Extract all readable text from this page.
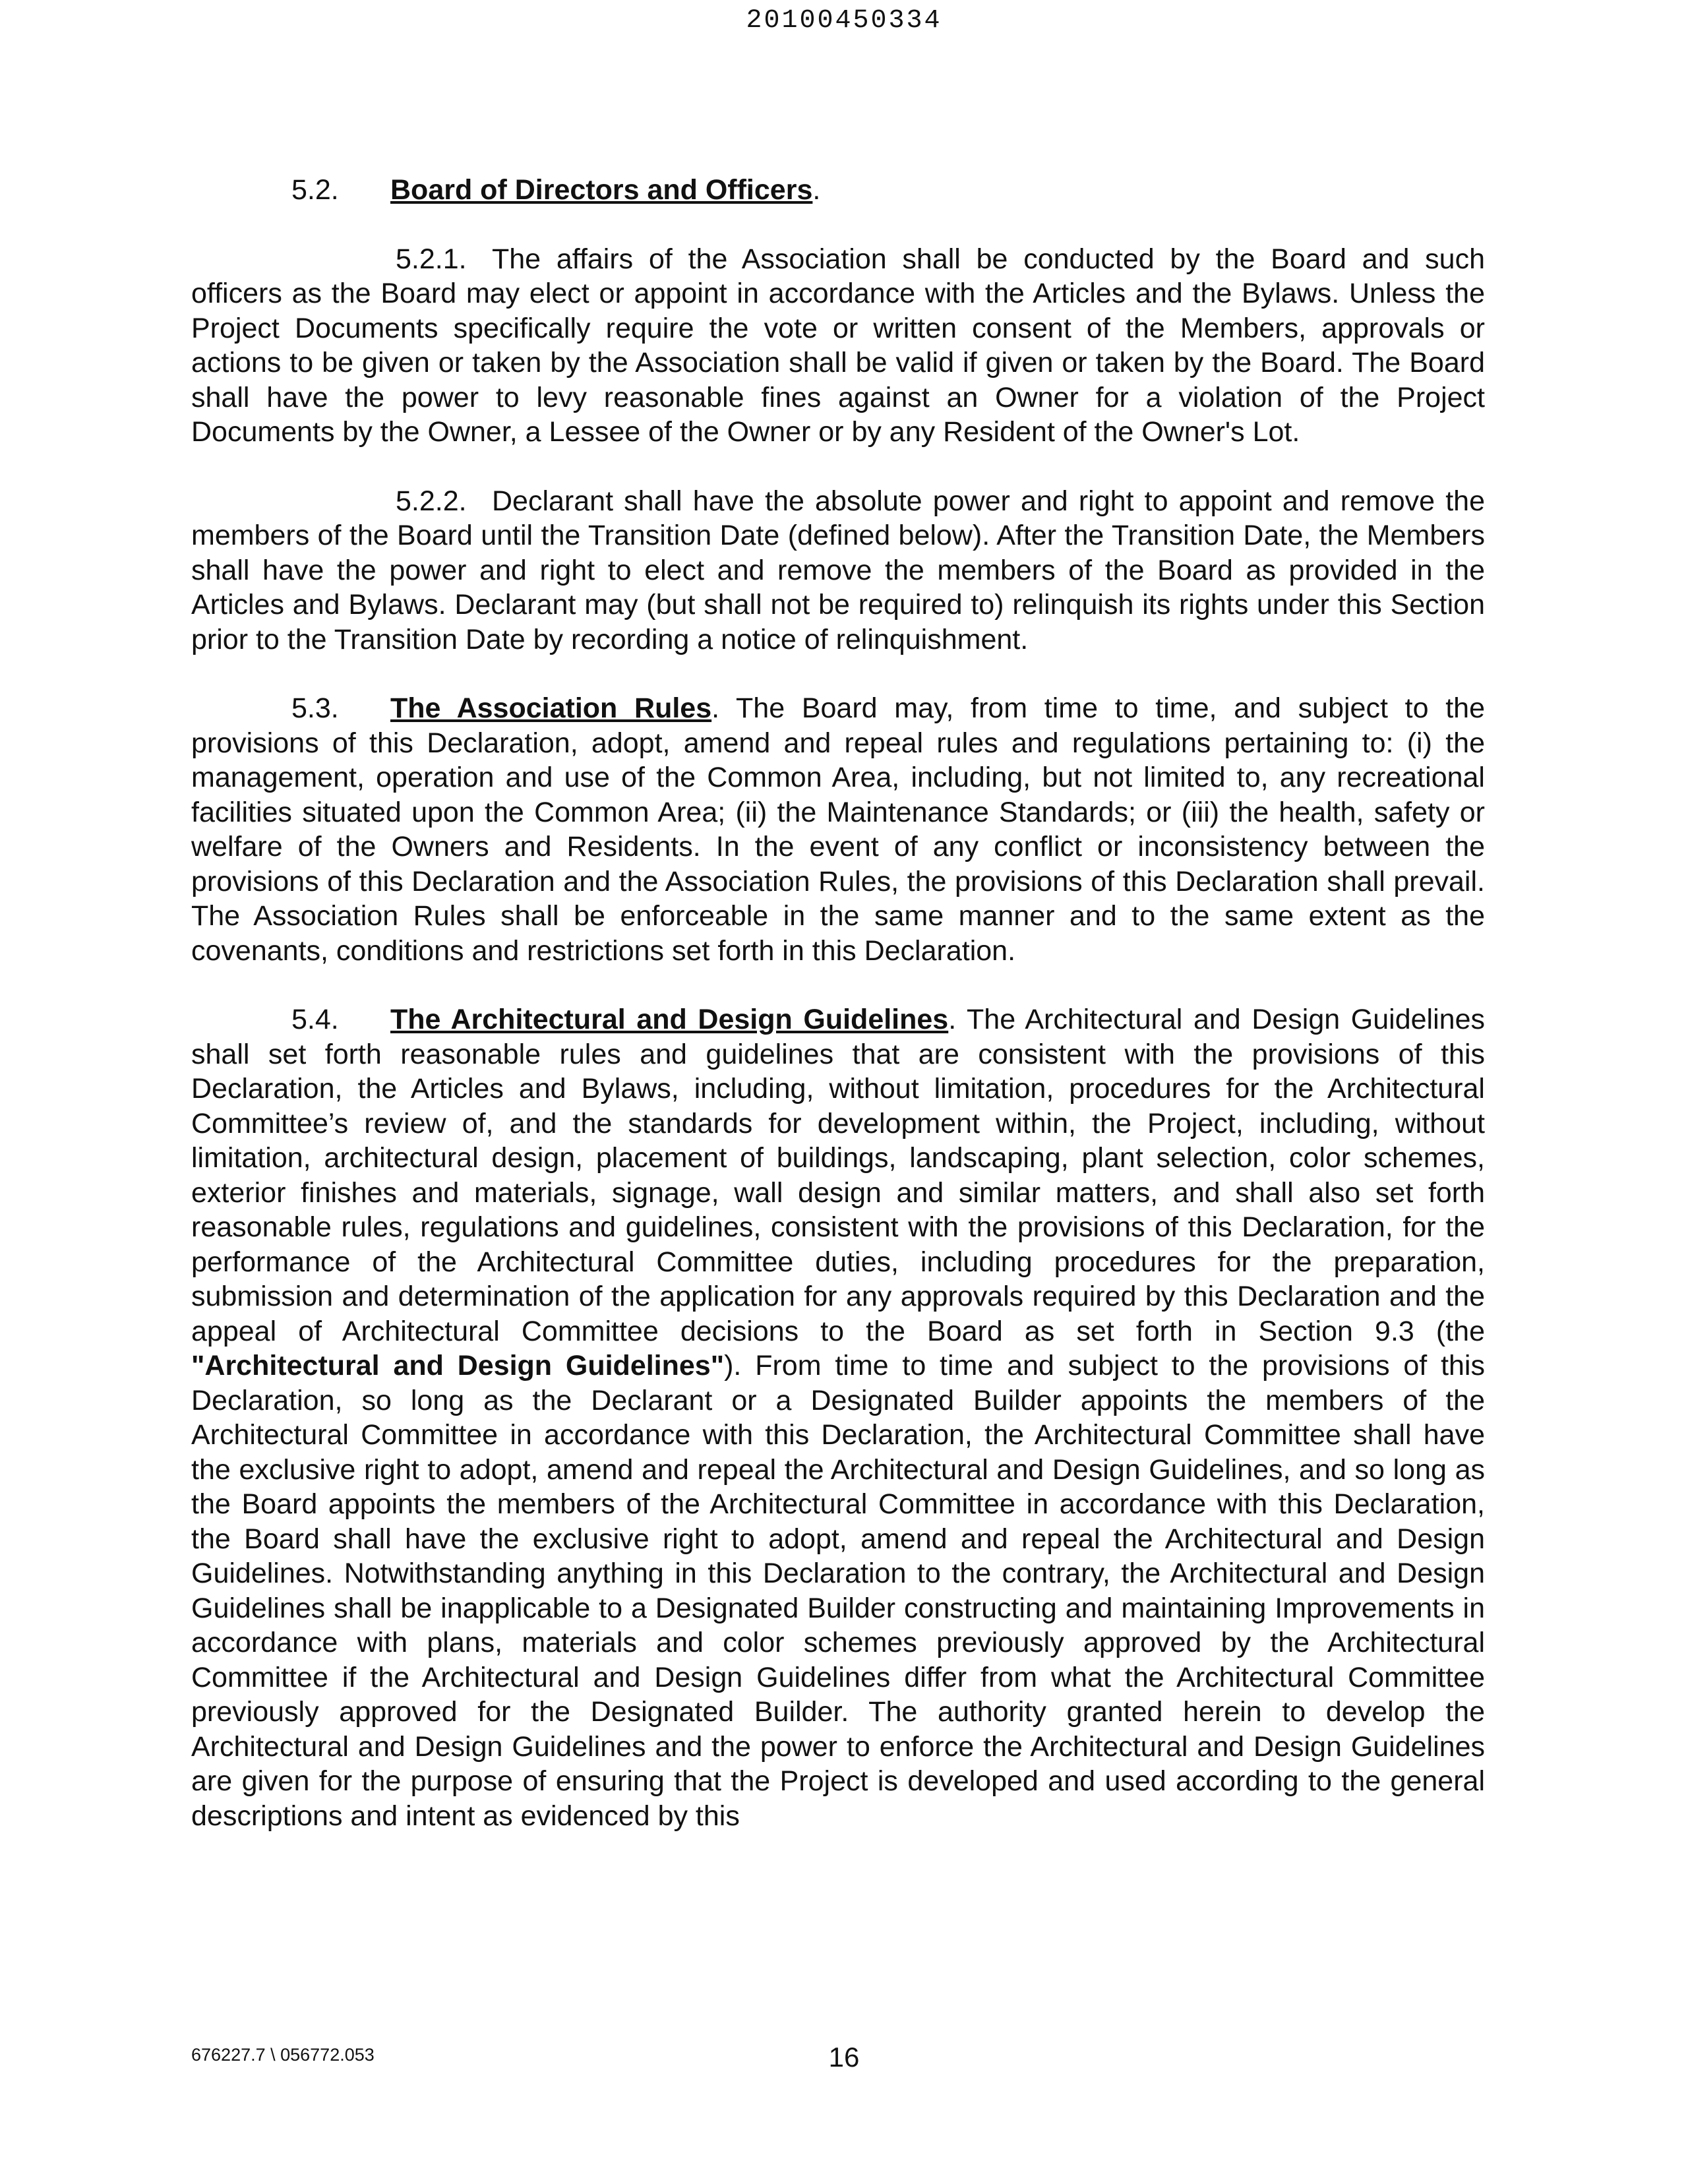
20100450334

5.2. Board of Directors and Officers.

5.2.1. The affairs of the Association shall be conducted by the Board and such officers as the Board may elect or appoint in accordance with the Articles and the Bylaws. Unless the Project Documents specifically require the vote or written consent of the Members, approvals or actions to be given or taken by the Association shall be valid if given or taken by the Board. The Board shall have the power to levy reasonable fines against an Owner for a violation of the Project Documents by the Owner, a Lessee of the Owner or by any Resident of the Owner's Lot.

5.2.2. Declarant shall have the absolute power and right to appoint and remove the members of the Board until the Transition Date (defined below). After the Transition Date, the Members shall have the power and right to elect and remove the members of the Board as provided in the Articles and Bylaws. Declarant may (but shall not be required to) relinquish its rights under this Section prior to the Transition Date by recording a notice of relinquishment.

5.3. The Association Rules. The Board may, from time to time, and subject to the provisions of this Declaration, adopt, amend and repeal rules and regulations pertaining to: (i) the management, operation and use of the Common Area, including, but not limited to, any recreational facilities situated upon the Common Area; (ii) the Maintenance Standards; or (iii) the health, safety or welfare of the Owners and Residents. In the event of any conflict or inconsistency between the provisions of this Declaration and the Association Rules, the provisions of this Declaration shall prevail. The Association Rules shall be enforceable in the same manner and to the same extent as the covenants, conditions and restrictions set forth in this Declaration.

5.4. The Architectural and Design Guidelines. The Architectural and Design Guidelines shall set forth reasonable rules and guidelines that are consistent with the provisions of this Declaration, the Articles and Bylaws, including, without limitation, procedures for the Architectural Committee’s review of, and the standards for development within, the Project, including, without limitation, architectural design, placement of buildings, landscaping, plant selection, color schemes, exterior finishes and materials, signage, wall design and similar matters, and shall also set forth reasonable rules, regulations and guidelines, consistent with the provisions of this Declaration, for the performance of the Architectural Committee duties, including procedures for the preparation, submission and determination of the application for any approvals required by this Declaration and the appeal of Architectural Committee decisions to the Board as set forth in Section 9.3 (the "Architectural and Design Guidelines"). From time to time and subject to the provisions of this Declaration, so long as the Declarant or a Designated Builder appoints the members of the Architectural Committee in accordance with this Declaration, the Architectural Committee shall have the exclusive right to adopt, amend and repeal the Architectural and Design Guidelines, and so long as the Board appoints the members of the Architectural Committee in accordance with this Declaration, the Board shall have the exclusive right to adopt, amend and repeal the Architectural and Design Guidelines. Notwithstanding anything in this Declaration to the contrary, the Architectural and Design Guidelines shall be inapplicable to a Designated Builder constructing and maintaining Improvements in accordance with plans, materials and color schemes previously approved by the Architectural Committee if the Architectural and Design Guidelines differ from what the Architectural Committee previously approved for the Designated Builder. The authority granted herein to develop the Architectural and Design Guidelines and the power to enforce the Architectural and Design Guidelines are given for the purpose of ensuring that the Project is developed and used according to the general descriptions and intent as evidenced by this

676227.7 \ 056772.053	16
